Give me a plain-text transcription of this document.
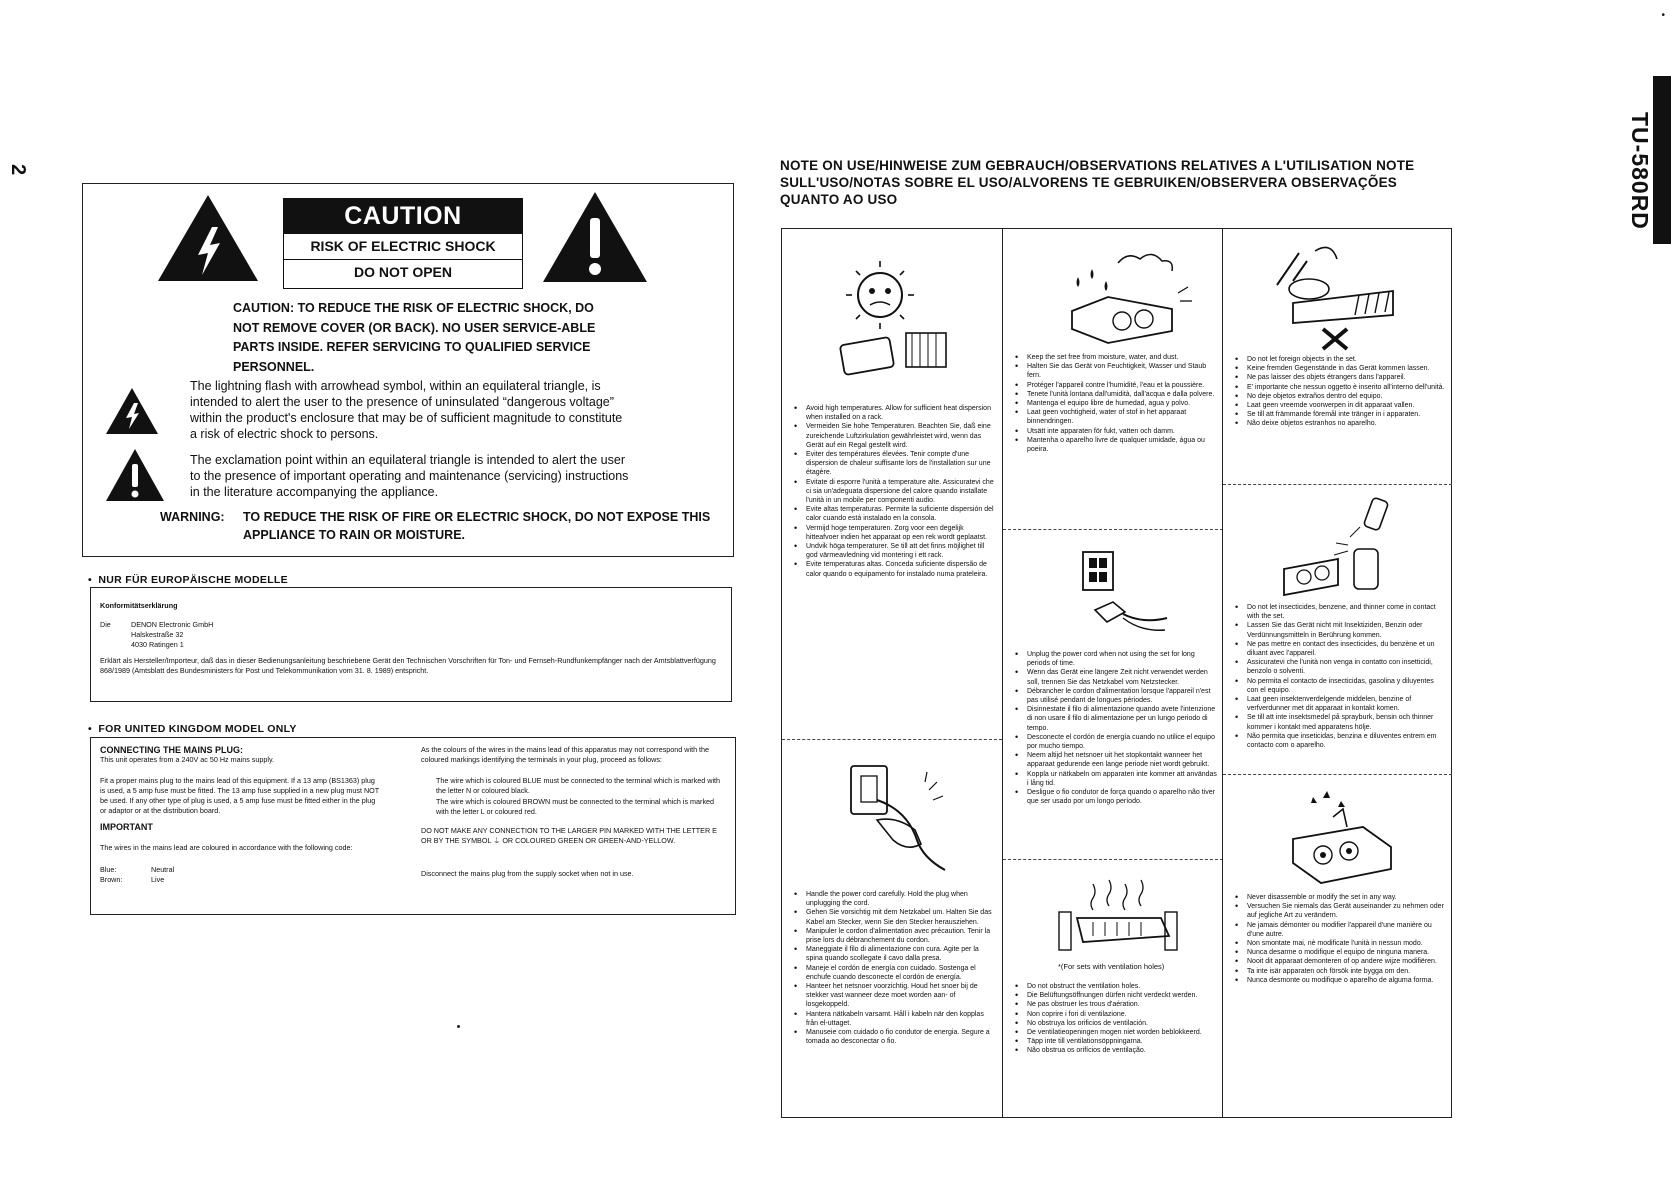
2
•
TU-580RD
CAUTION
RISK OF ELECTRIC SHOCK
DO NOT OPEN
CAUTION: TO REDUCE THE RISK OF ELECTRIC SHOCK, DO NOT REMOVE COVER (OR BACK). NO USER SERVICE-ABLE PARTS INSIDE. REFER SERVICING TO QUALIFIED SERVICE PERSONNEL.
The lightning flash with arrowhead symbol, within an equilateral triangle, is intended to alert the user to the presence of uninsulated “dangerous voltage” within the product's enclosure that may be of sufficient magnitude to constitute a risk of electric shock to persons.
The exclamation point within an equilateral triangle is intended to alert the user to the presence of important operating and maintenance (servicing) instructions in the literature accompanying the appliance.
WARNING: TO REDUCE THE RISK OF FIRE OR ELECTRIC SHOCK, DO NOT EXPOSE THIS APPLIANCE TO RAIN OR MOISTURE.
•  NUR FÜR EUROPÄISCHE MODELLE
Konformitätserklärung
Die	DENON Electronic GmbH
Halskestraße 32
4030 Ratingen 1
Erklärt als Hersteller/Importeur, daß das in dieser Bedienungsanleitung beschriebene Gerät den Technischen Vorschriften für Ton- und Fernseh-Rundfunkempfänger nach der Amtsblattverfügung 868/1989 (Amtsblatt des Bundesministers für Post und Telekommunikation vom 31. 8. 1989) entspricht.
•  FOR UNITED KINGDOM MODEL ONLY
CONNECTING THE MAINS PLUG:
This unit operates from a 240V ac 50 Hz mains supply.
Fit a proper mains plug to the mains lead of this equipment. If a 13 amp (BS1363) plug is used, a 5 amp fuse must be fitted. The 13 amp fuse supplied in a new plug must NOT be used. If any other type of plug is used, a 5 amp fuse must be fitted either in the plug or adaptor or at the distribution board.
IMPORTANT
The wires in the mains lead are coloured in accordance with the following code:
Blue:	Neutral
Brown:	Live
As the colours of the wires in the mains lead of this apparatus may not correspond with the coloured markings identifying the terminals in your plug, proceed as follows:
The wire which is coloured BLUE must be connected to the terminal which is marked with the letter N or coloured black.
The wire which is coloured BROWN must be connected to the terminal which is marked with the letter L or coloured red.
DO NOT MAKE ANY CONNECTION TO THE LARGER PIN MARKED WITH THE LETTER E OR BY THE SYMBOL ⏚ OR COLOURED GREEN OR GREEN-AND-YELLOW.
Disconnect the mains plug from the supply socket when not in use.
NOTE ON USE/HINWEISE ZUM GEBRAUCH/OBSERVATIONS RELATIVES A L'UTILISATION NOTE SULL'USO/NOTAS SOBRE EL USO/ALVORENS TE GEBRUIKEN/OBSERVERA OBSERVAÇÕES QUANTO AO USO
• Avoid high temperatures. Allow for sufficient heat dispersion when installed on a rack.
• Vermeiden Sie hohe Temperaturen. Beachten Sie, daß eine zureichende Luftzirkulation gewährleistet wird, wenn das Gerät auf ein Regal gestellt wird.
• Eviter des températures élevées. Tenir compte d'une dispersion de chaleur suffisante lors de l'installation sur une étagère.
• Evitate di esporre l'unità a temperature alte. Assicuratevi che ci sia un'adeguata dispersione del calore quando installate l'unità in un mobile per componenti audio.
• Evite altas temperaturas. Permite la suficiente dispersión del calor cuando está instalado en la consola.
• Vermijd hoge temperaturen. Zorg voor een degelijk hitteafvoer indien het apparaat op een rek wordt geplaatst.
• Undvik höga temperaturer. Se till att det finns möjlighet till god värmeavledning vid montering i ett rack.
• Evite temperaturas altas. Conceda suficiente dispersão de calor quando o equipamento for instalado numa prateleira.
• Handle the power cord carefully. Hold the plug when unplugging the cord.
• Gehen Sie vorsichtig mit dem Netzkabel um. Halten Sie das Kabel am Stecker, wenn Sie den Stecker herausziehen.
• Manipuler le cordon d'alimentation avec précaution. Tenir la prise lors du débranchement du cordon.
• Maneggiate il filo di alimentazione con cura. Agite per la spina quando scollegate il cavo dalla presa.
• Maneje el cordón de energía con cuidado. Sostenga el enchufe cuando desconecte el cordón de energía.
• Hanteer het netsnoer voorzichtig. Houd het snoer bij de stekker vast wanneer deze moet worden aan- of losgekoppeld.
• Hantera nätkabeln varsamt. Håll i kabeln när den kopplas från el-uttaget.
• Manuseie com cuidado o fio condutor de energia. Segure a tomada ao desconectar o fio.
• Keep the set free from moisture, water, and dust.
• Halten Sie das Gerät von Feuchtigkeit, Wasser und Staub fern.
• Protéger l'appareil contre l'humidité, l'eau et la poussière.
• Tenete l'unità lontana dall'umidità, dall'acqua e dalla polvere.
• Mantenga el equipo libre de humedad, agua y polvo.
• Laat geen vochtigheid, water of stof in het apparaat binnendringen.
• Utsätt inte apparaten för fukt, vatten och damm.
• Mantenha o aparelho livre de qualquer umidade, água ou poeira.
• Unplug the power cord when not using the set for long periods of time.
• Wenn das Gerät eine längere Zeit nicht verwendet werden soll, trennen Sie das Netzkabel vom Netzstecker.
• Débrancher le cordon d'alimentation lorsque l'appareil n'est pas utilisé pendant de longues périodes.
• Disinnestate il filo di alimentazione quando avete l'intenzione di non usare il filo di alimentazione per un lungo periodo di tempo.
• Desconecte el cordón de energía cuando no utilice el equipo por mucho tiempo.
• Neem altijd het netsnoer uit het stopkontakt wanneer het apparaat gedurende een lange periode niet wordt gebruikt.
• Koppla ur nätkabeln om apparaten inte kommer att användas i lång tid.
• Desligue o fio condutor de força quando o aparelho não tiver que ser usado por um longo período.
*(For sets with ventilation holes)
• Do not obstruct the ventilation holes.
• Die Belüftungsöffnungen dürfen nicht verdeckt werden.
• Ne pas obstruer les trous d'aération.
• Non coprire i fori di ventilazione.
• No obstruya los orificios de ventilación.
• De ventilatieopeningen mogen niet worden beblokkeerd.
• Täpp inte till ventilationsöppningarna.
• Não obstrua os orifícios de ventilação.
• Do not let foreign objects in the set.
• Keine fremden Gegenstände in das Gerät kommen lassen.
• Ne pas laisser des objets étrangers dans l'appareil.
• E' importante che nessun oggetto è inserito all'interno dell'unità.
• No deje objetos extraños dentro del equipo.
• Laat geen vreemde voorwerpen in dit apparaat vallen.
• Se till att främmande föremål inte tränger in i apparaten.
• Não deixe objetos estranhos no aparelho.
• Do not let insecticides, benzene, and thinner come in contact with the set.
• Lassen Sie das Gerät nicht mit Insektiziden, Benzin oder Verdünnungsmitteln in Berührung kommen.
• Ne pas mettre en contact des insecticides, du benzène et un diluant avec l'appareil.
• Assicuratevi che l'unità non venga in contatto con insetticidi, benzolo o solventi.
• No permita el contacto de insecticidas, gasolina y diluyentes con el equipo.
• Laat geen insektenverdelgende middelen, benzine of verfverdunner met dit apparaat in kontakt komen.
• Se till att inte insektsmedel på sprayburk, bensin och thinner kommer i kontakt med apparatens hölje.
• Não permita que inseticidas, benzina e diluventes entrem em contacto com o aparelho.
• Never disassemble or modify the set in any way.
• Versuchen Sie niemals das Gerät auseinander zu nehmen oder auf jegliche Art zu verändern.
• Ne jamais démonter ou modifier l'appareil d'une manière ou d'une autre.
• Non smontate mai, nè modificate l'unità in nessun modo.
• Nunca desarme o modifique el equipo de ninguna manera.
• Nooit dit apparaat demonteren of op andere wijze modifiëren.
• Ta inte isär apparaten och försök inte bygga om den.
• Nunca desmonte ou modifique o aparelho de alguma forma.
